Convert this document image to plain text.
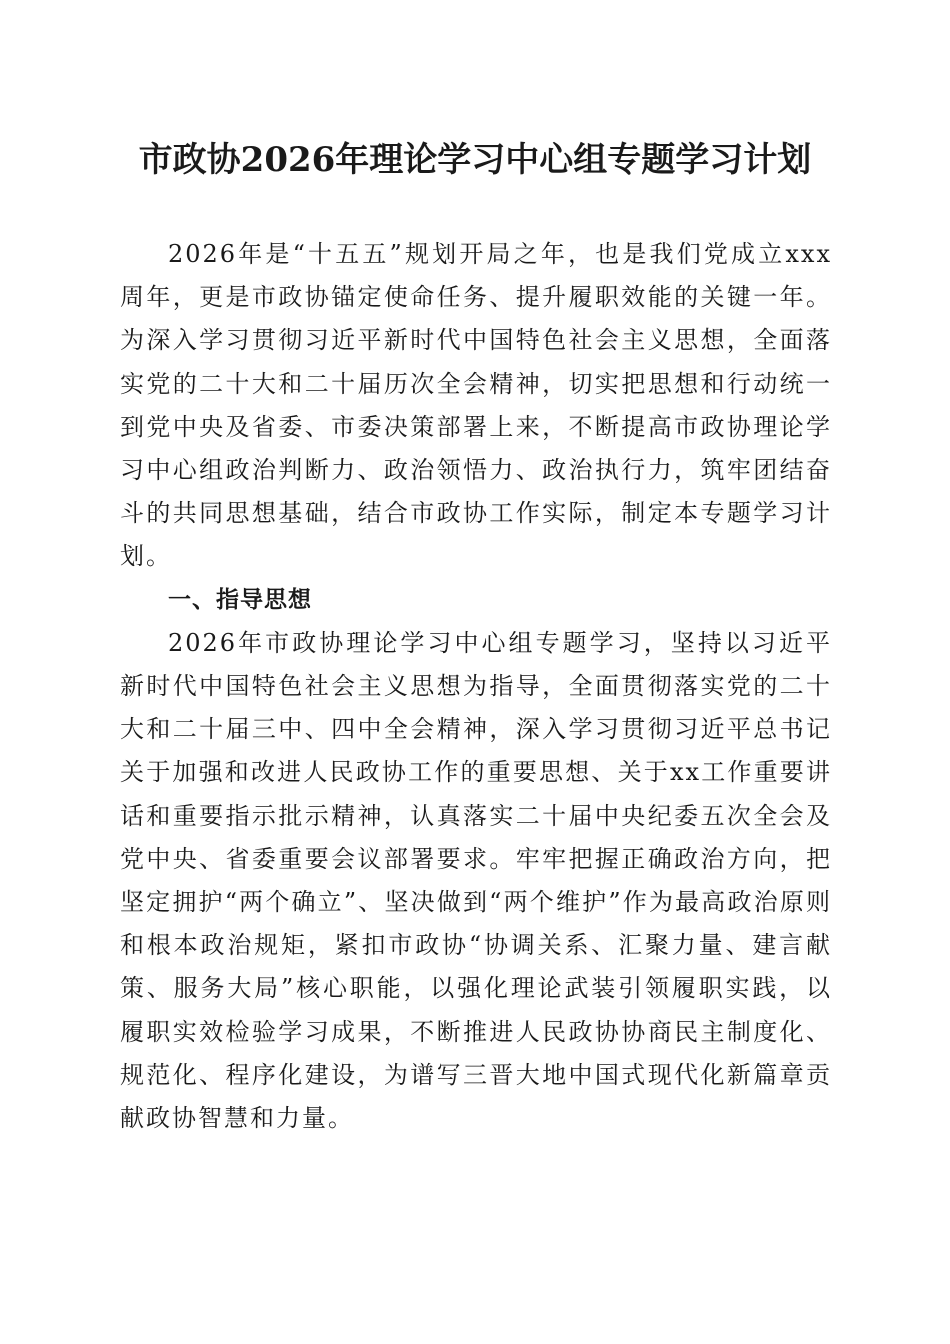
市政协2026年理论学习中心组专题学习计划

2026年是“十五五”规划开局之年，也是我们党成立xxx周年，更是市政协锚定使命任务、提升履职效能的关键一年。为深入学习贯彻习近平新时代中国特色社会主义思想，全面落实党的二十大和二十届历次全会精神，切实把思想和行动统一到党中央及省委、市委决策部署上来，不断提高市政协理论学习中心组政治判断力、政治领悟力、政治执行力，筑牢团结奋斗的共同思想基础，结合市政协工作实际，制定本专题学习计划。

一、指导思想

2026年市政协理论学习中心组专题学习，坚持以习近平新时代中国特色社会主义思想为指导，全面贯彻落实党的二十大和二十届三中、四中全会精神，深入学习贯彻习近平总书记关于加强和改进人民政协工作的重要思想、关于xx工作重要讲话和重要指示批示精神，认真落实二十届中央纪委五次全会及党中央、省委重要会议部署要求。牢牢把握正确政治方向，把坚定拥护“两个确立”、坚决做到“两个维护”作为最高政治原则和根本政治规矩，紧扣市政协“协调关系、汇聚力量、建言献策、服务大局”核心职能，以强化理论武装引领履职实践，以履职实效检验学习成果，不断推进人民政协协商民主制度化、规范化、程序化建设，为谱写三晋大地中国式现代化新篇章贡献政协智慧和力量。
